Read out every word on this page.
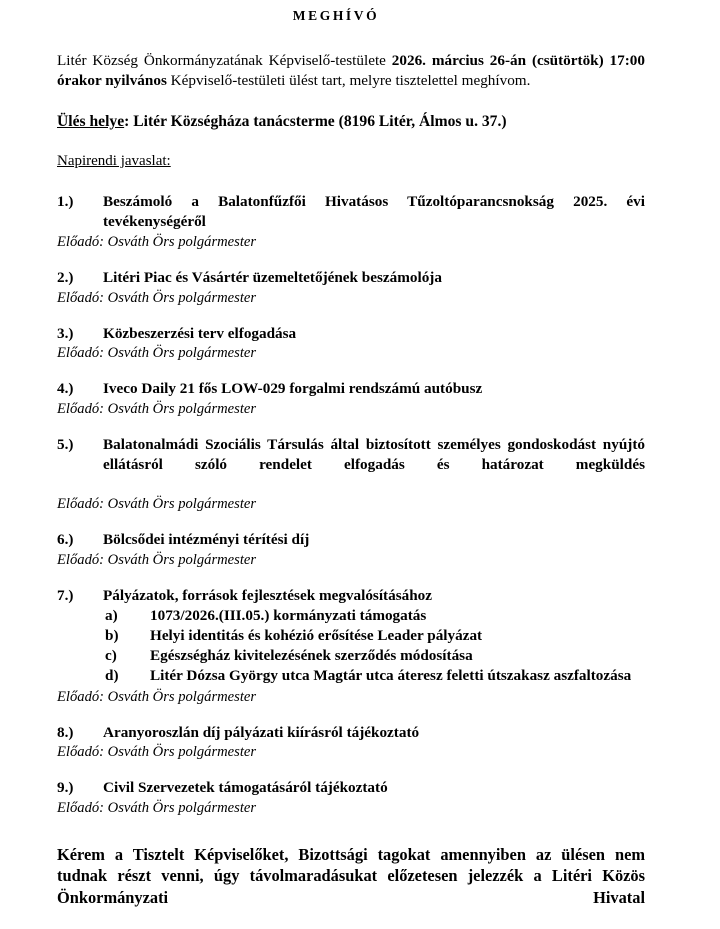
MEGHÍVÓ

Litér Község Önkormányzatának Képviselő-testülete 2026. március 26-án (csütörtök) 17:00 órakor nyilvános Képviselő-testületi ülést tart, melyre tisztelettel meghívom.

Ülés helye: Litér Községháza tanácsterme (8196 Litér, Álmos u. 37.)

Napirendi javaslat:

1.) Beszámoló a Balatonfűzfői Hivatásos Tűzoltóparancsnokság 2025. évi tevékenységéről
Előadó: Osváth Örs polgármester
2.) Litéri Piac és Vásártér üzemeltetőjének beszámolója
Előadó: Osváth Örs polgármester
3.) Közbeszerzési terv elfogadása
Előadó: Osváth Örs polgármester
4.) Iveco Daily 21 fős LOW-029 forgalmi rendszámú autóbusz
Előadó: Osváth Örs polgármester
5.) Balatonalmádi Szociális Társulás által biztosított személyes gondoskodást nyújtó ellátásról szóló rendelet elfogadás és határozat megküldés
Előadó: Osváth Örs polgármester
6.) Bölcsődei intézményi térítési díj
Előadó: Osváth Örs polgármester
7.) Pályázatok, források fejlesztések megvalósításához
a) 1073/2026.(III.05.) kormányzati támogatás
b) Helyi identitás és kohézió erősítése Leader pályázat
c) Egészségház kivitelezésének szerződés módosítása
d) Litér Dózsa György utca Magtár utca áteresz feletti útszakasz aszfaltozása
Előadó: Osváth Örs polgármester
8.) Aranyoroszlán díj pályázati kiírásról tájékoztató
Előadó: Osváth Örs polgármester
9.) Civil Szervezetek támogatásáról tájékoztató
Előadó: Osváth Örs polgármester

Kérem a Tisztelt Képviselőket, Bizottsági tagokat amennyiben az ülésen nem tudnak részt venni, úgy távolmaradásukat előzetesen jelezzék a Litéri Közös Önkormányzati Hivatal
